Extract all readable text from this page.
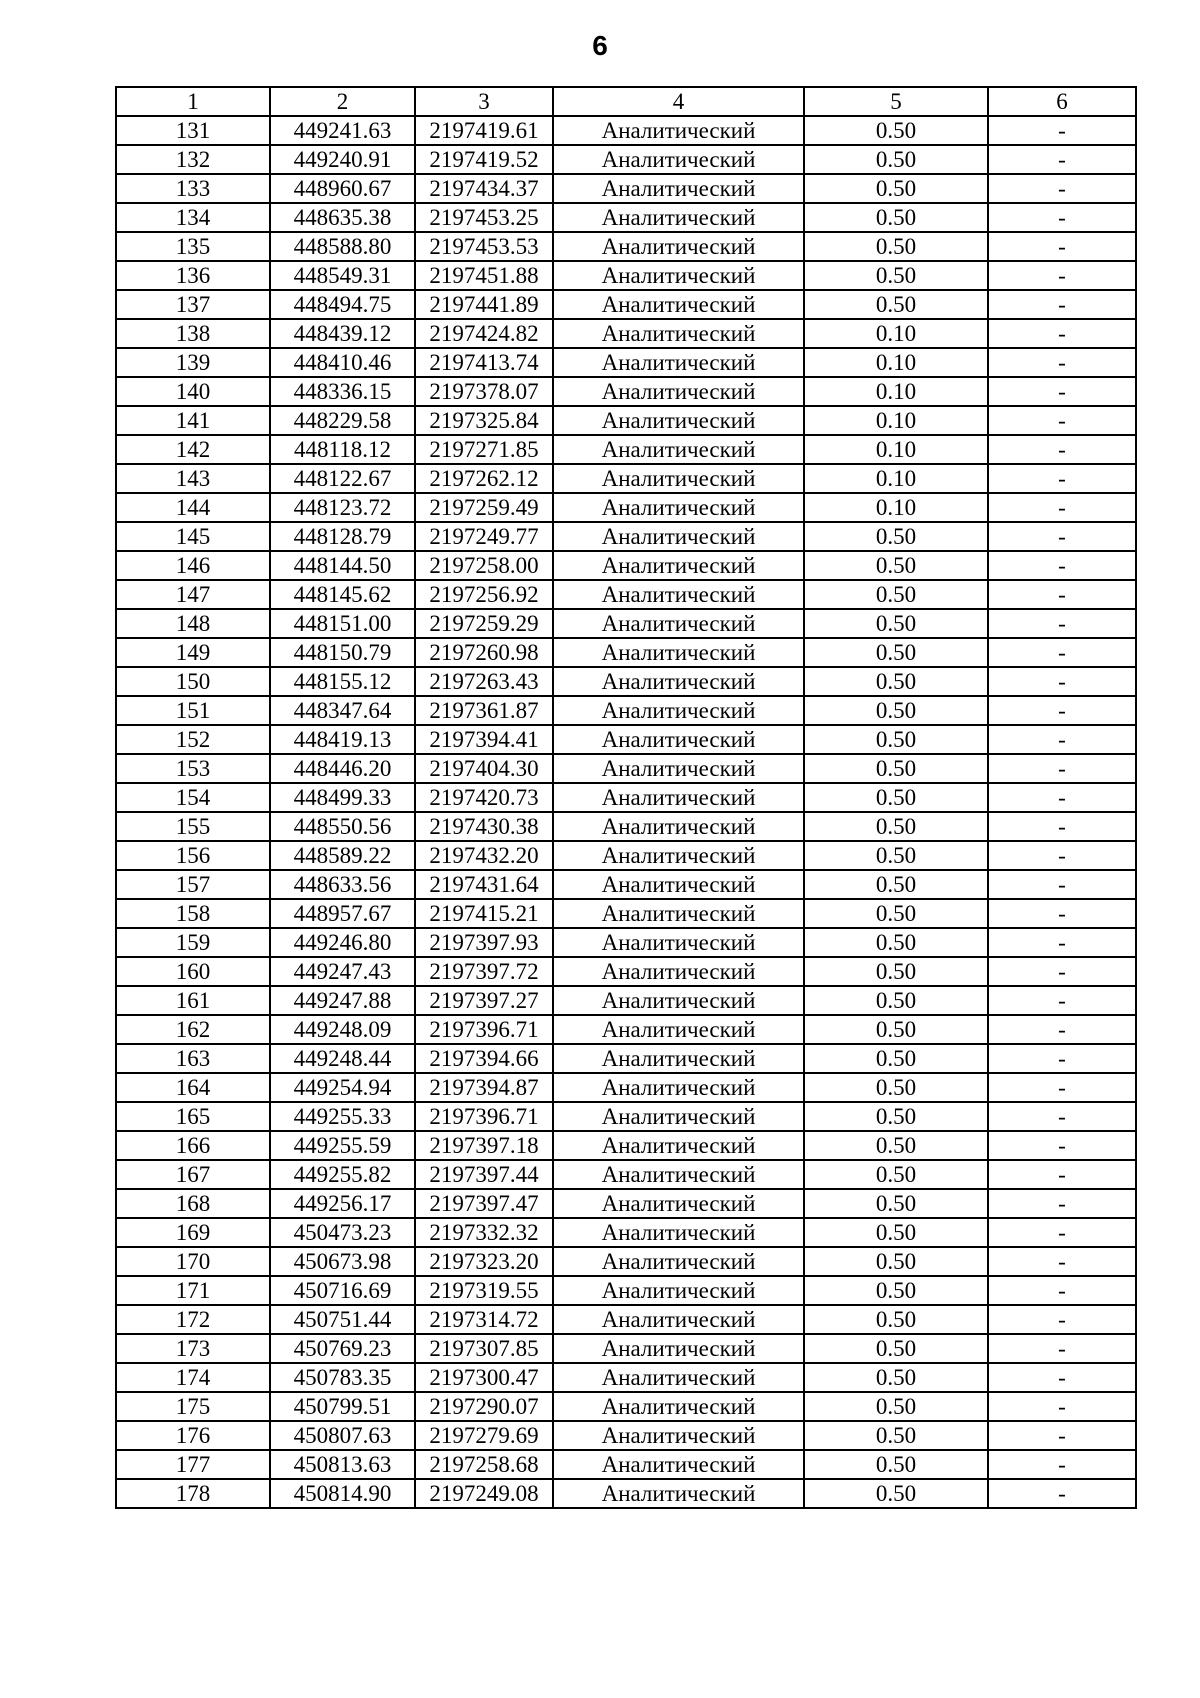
6
1	2	3	4	5	6
131	449241.63	2197419.61	Аналитический	0.50	-
132	449240.91	2197419.52	Аналитический	0.50	-
133	448960.67	2197434.37	Аналитический	0.50	-
134	448635.38	2197453.25	Аналитический	0.50	-
135	448588.80	2197453.53	Аналитический	0.50	-
136	448549.31	2197451.88	Аналитический	0.50	-
137	448494.75	2197441.89	Аналитический	0.50	-
138	448439.12	2197424.82	Аналитический	0.10	-
139	448410.46	2197413.74	Аналитический	0.10	-
140	448336.15	2197378.07	Аналитический	0.10	-
141	448229.58	2197325.84	Аналитический	0.10	-
142	448118.12	2197271.85	Аналитический	0.10	-
143	448122.67	2197262.12	Аналитический	0.10	-
144	448123.72	2197259.49	Аналитический	0.10	-
145	448128.79	2197249.77	Аналитический	0.50	-
146	448144.50	2197258.00	Аналитический	0.50	-
147	448145.62	2197256.92	Аналитический	0.50	-
148	448151.00	2197259.29	Аналитический	0.50	-
149	448150.79	2197260.98	Аналитический	0.50	-
150	448155.12	2197263.43	Аналитический	0.50	-
151	448347.64	2197361.87	Аналитический	0.50	-
152	448419.13	2197394.41	Аналитический	0.50	-
153	448446.20	2197404.30	Аналитический	0.50	-
154	448499.33	2197420.73	Аналитический	0.50	-
155	448550.56	2197430.38	Аналитический	0.50	-
156	448589.22	2197432.20	Аналитический	0.50	-
157	448633.56	2197431.64	Аналитический	0.50	-
158	448957.67	2197415.21	Аналитический	0.50	-
159	449246.80	2197397.93	Аналитический	0.50	-
160	449247.43	2197397.72	Аналитический	0.50	-
161	449247.88	2197397.27	Аналитический	0.50	-
162	449248.09	2197396.71	Аналитический	0.50	-
163	449248.44	2197394.66	Аналитический	0.50	-
164	449254.94	2197394.87	Аналитический	0.50	-
165	449255.33	2197396.71	Аналитический	0.50	-
166	449255.59	2197397.18	Аналитический	0.50	-
167	449255.82	2197397.44	Аналитический	0.50	-
168	449256.17	2197397.47	Аналитический	0.50	-
169	450473.23	2197332.32	Аналитический	0.50	-
170	450673.98	2197323.20	Аналитический	0.50	-
171	450716.69	2197319.55	Аналитический	0.50	-
172	450751.44	2197314.72	Аналитический	0.50	-
173	450769.23	2197307.85	Аналитический	0.50	-
174	450783.35	2197300.47	Аналитический	0.50	-
175	450799.51	2197290.07	Аналитический	0.50	-
176	450807.63	2197279.69	Аналитический	0.50	-
177	450813.63	2197258.68	Аналитический	0.50	-
178	450814.90	2197249.08	Аналитический	0.50	-
